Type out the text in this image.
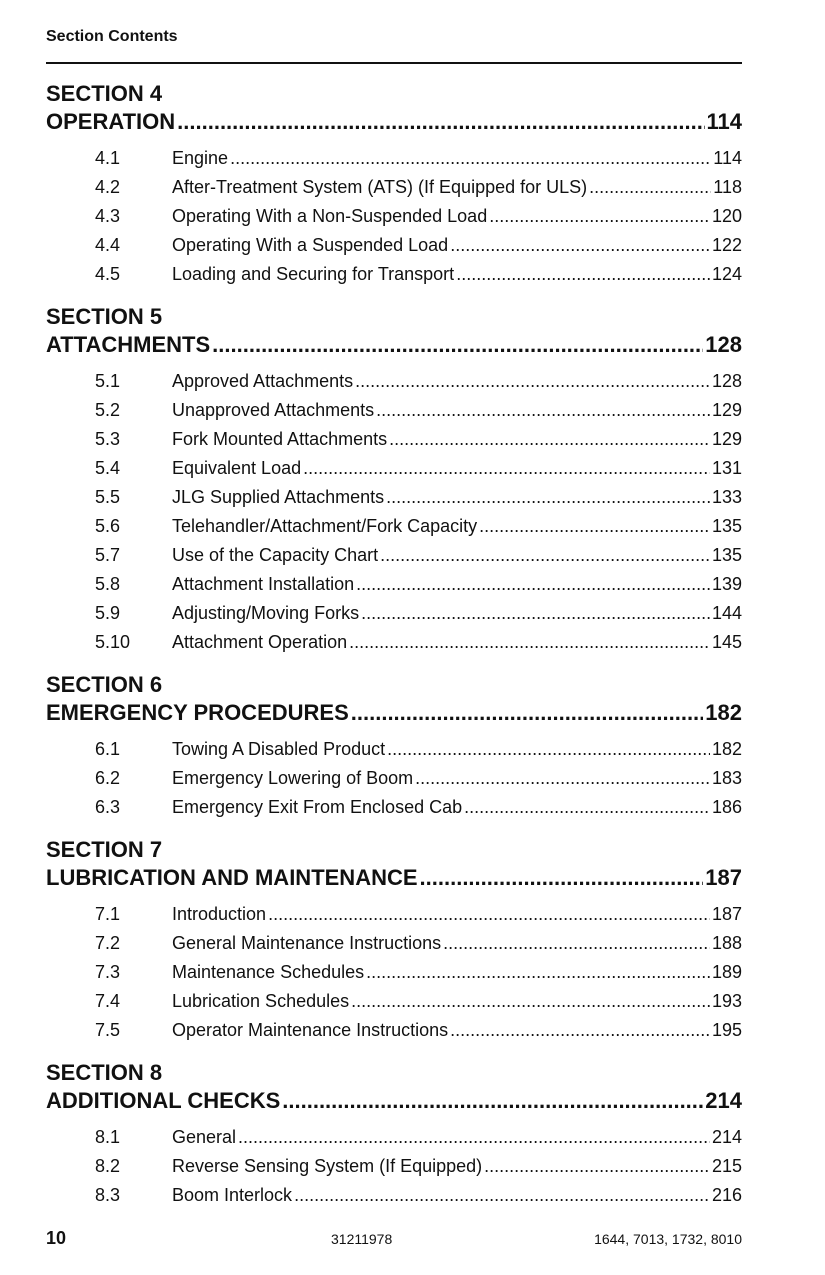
Section Contents
SECTION 4
OPERATION .....	114
4.1	Engine .....	114
4.2	After-Treatment System (ATS) (If Equipped for ULS) .....	118
4.3	Operating With a Non-Suspended Load .....	120
4.4	Operating With a Suspended Load .....	122
4.5	Loading and Securing for Transport .....	124
SECTION 5
ATTACHMENTS .....	128
5.1	Approved Attachments .....	128
5.2	Unapproved Attachments .....	129
5.3	Fork Mounted Attachments .....	129
5.4	Equivalent Load .....	131
5.5	JLG Supplied Attachments .....	133
5.6	Telehandler/Attachment/Fork Capacity .....	135
5.7	Use of the Capacity Chart .....	135
5.8	Attachment Installation .....	139
5.9	Adjusting/Moving Forks .....	144
5.10	Attachment Operation .....	145
SECTION 6
EMERGENCY PROCEDURES .....	182
6.1	Towing A Disabled Product .....	182
6.2	Emergency Lowering of Boom .....	183
6.3	Emergency Exit From Enclosed Cab .....	186
SECTION 7
LUBRICATION AND MAINTENANCE .....	187
7.1	Introduction .....	187
7.2	General Maintenance Instructions .....	188
7.3	Maintenance Schedules .....	189
7.4	Lubrication Schedules .....	193
7.5	Operator Maintenance Instructions .....	195
SECTION 8
ADDITIONAL CHECKS .....	214
8.1	General .....	214
8.2	Reverse Sensing System (If Equipped) .....	215
8.3	Boom Interlock .....	216
10	31211978	1644, 7013, 1732, 8010
